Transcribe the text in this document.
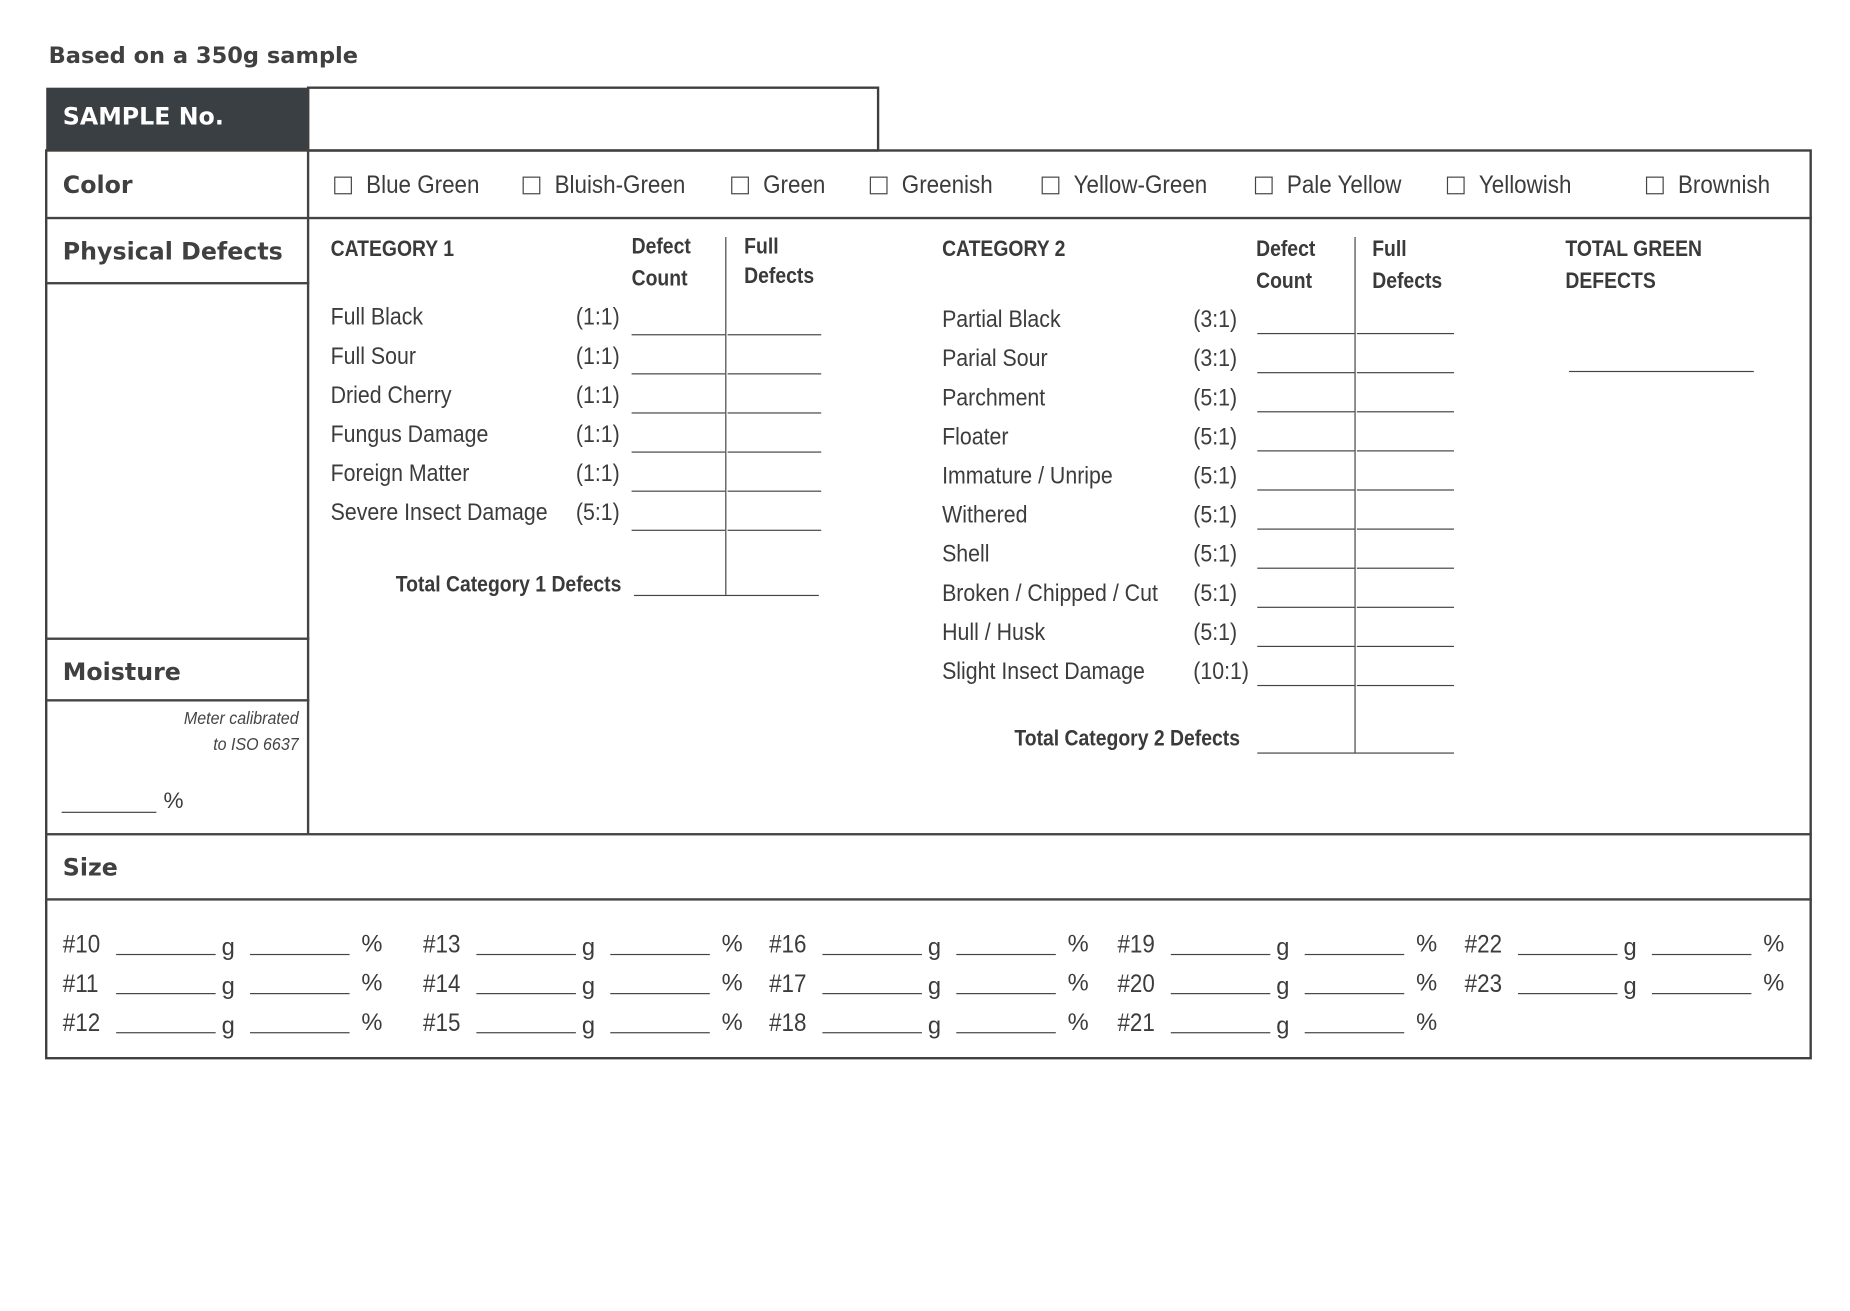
Based on a 350g sample
SAMPLE No.
Color	Blue Green	Bluish-Green	Green	Greenish	Yellow-Green	Pale Yellow	Yellowish	Brownish
Physical Defects	CATEGORY 1	Defect
Count
Full
Defects
Full Black	(1:1)
Full Sour	(1:1)
Dried Cherry	(1:1)
Fungus Damage	(1:1)
Foreign Matter	(1:1)
Severe Insect Damage (5:1)
Total Category 1 Defects
CATEGORY 2	Defect
Count
Full
Defects
Partial Black	(3:1)
Parial Sour	(3:1)
Parchment	(5:1)
Floater	(5:1)
Immature / Unripe	(5:1)
Withered	(5:1)
Shell	(5:1)
Broken / Chipped / Cut (5:1)
Hull / Husk	(5:1)
Slight Insect Damage (10:1)
Total Category 2 Defects
TOTAL GREEN
DEFECTS
Moisture
Meter calibrated
to ISO 6637
%
Size
#10	g	%
#11	g	%
#12	g	%
#13	g	%
#14	g	%
#15	g	%
#16	g	%
#17	g	%
#18	g	%
#19	g	%
#20	g	%
#21	g	%
#22	g	%
#23	g	%
